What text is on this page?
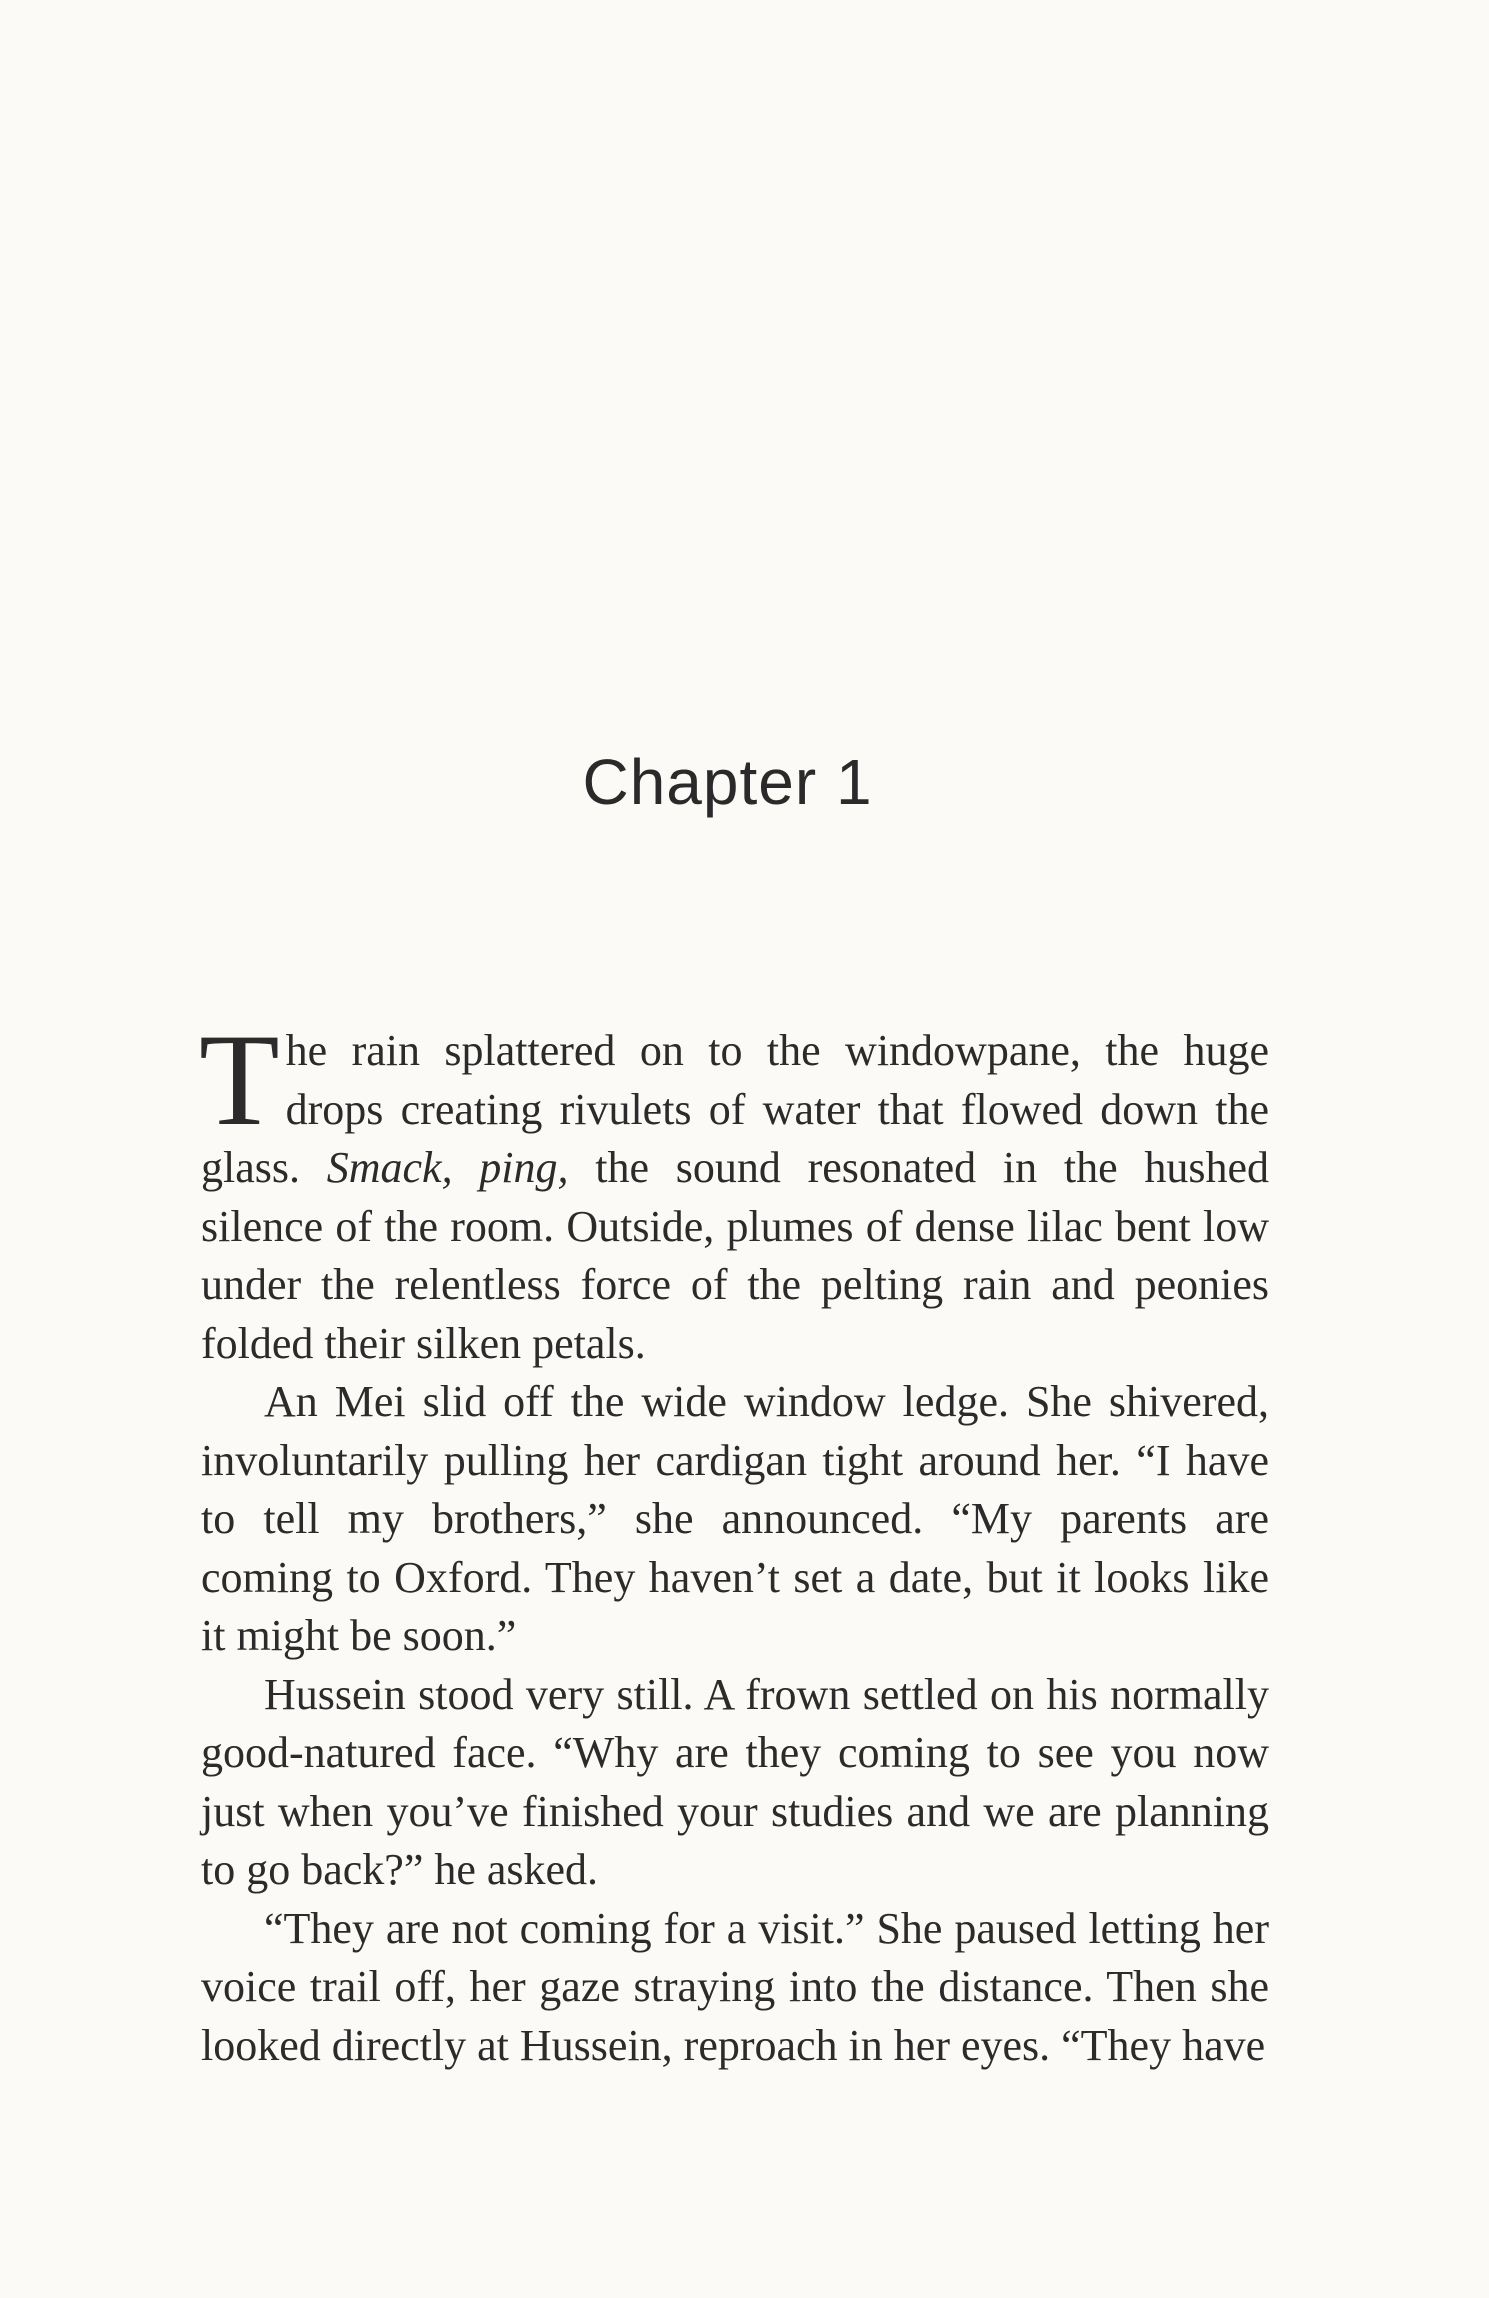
Chapter 1

The rain splattered on to the windowpane, the huge drops creating rivulets of water that flowed down the glass. Smack, ping, the sound resonated in the hushed silence of the room. Outside, plumes of dense lilac bent low under the relentless force of the pelting rain and peonies folded their silken petals.

An Mei slid off the wide window ledge. She shivered, involuntarily pulling her cardigan tight around her. “I have to tell my brothers,” she announced. “My parents are coming to Oxford. They haven’t set a date, but it looks like it might be soon.”

Hussein stood very still. A frown settled on his normally good-natured face. “Why are they coming to see you now just when you’ve finished your studies and we are planning to go back?” he asked.

“They are not coming for a visit.” She paused letting her voice trail off, her gaze straying into the distance. Then she looked directly at Hussein, reproach in her eyes. “They have
